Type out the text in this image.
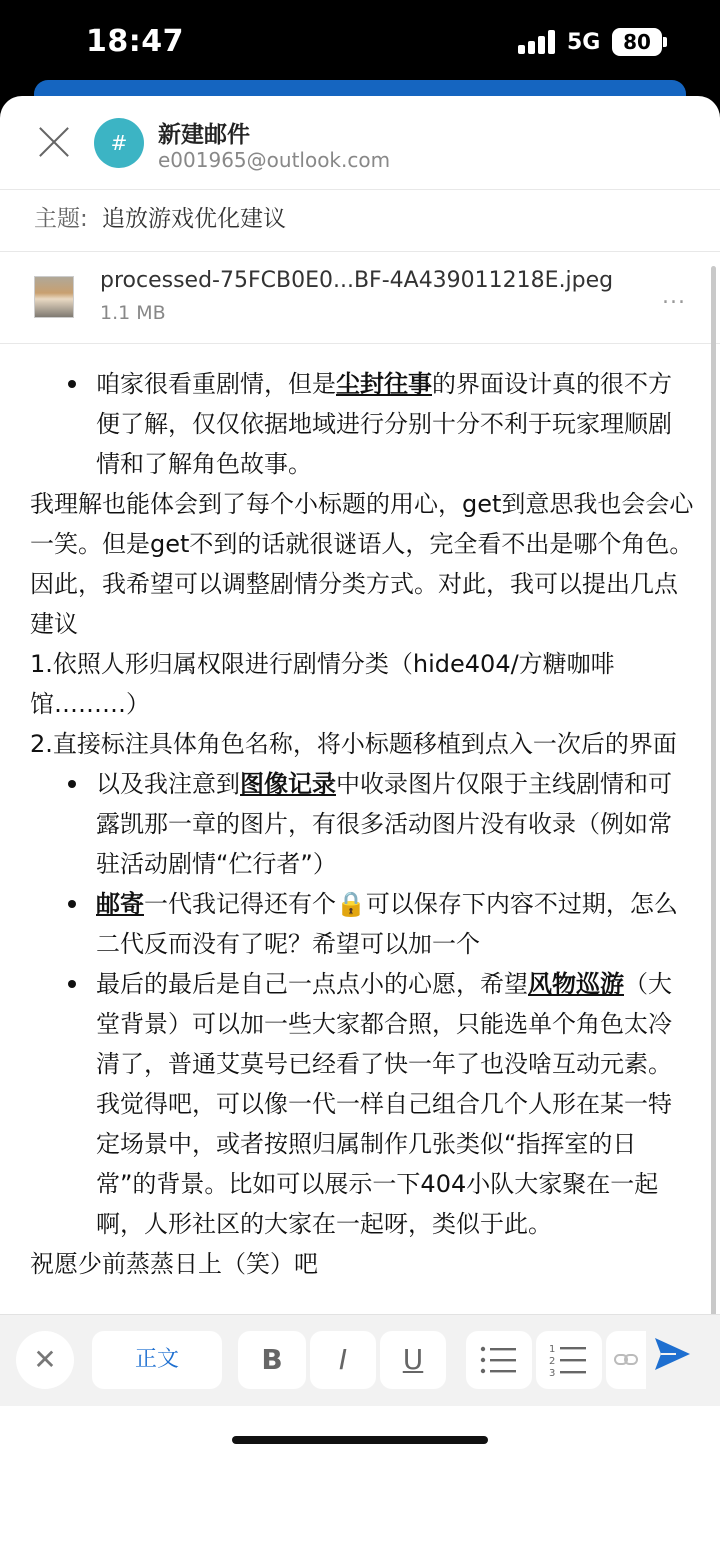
18:47	5G	80
#	新建邮件
e001965@outlook.com
主题: 追放游戏优化建议
processed-75FCB0E0...BF-4A439011218E.jpeg
1.1 MB
...
咱家很看重剧情，但是尘封往事的界面设计真的很不方便了解，仅仅依据地域进行分别十分不利于玩家理顺剧情和了解角色故事。

我理解也能体会到了每个小标题的用心，get到意思我也会会心一笑。但是get不到的话就很谜语人，完全看不出是哪个角色。

因此，我希望可以调整剧情分类方式。对此，我可以提出几点建议

1.依照人形归属权限进行剧情分类（hide404/方糖咖啡馆………）

2.直接标注具体角色名称，将小标题移植到点入一次后的界面

以及我注意到图像记录中收录图片仅限于主线剧情和可露凯那一章的图片，有很多活动图片没有收录（例如常驻活动剧情“伫行者”）
邮寄一代我记得还有个🔒可以保存下内容不过期，怎么二代反而没有了呢？希望可以加一个
最后的最后是自己一点点小的心愿，希望风物巡游（大堂背景）可以加一些大家都合照，只能选单个角色太冷清了，普通艾莫号已经看了快一年了也没啥互动元素。我觉得吧，可以像一代一样自己组合几个人形在某一特定场景中，或者按照归属制作几张类似“指挥室的日常”的背景。比如可以展示一下404小队大家聚在一起啊，人形社区的大家在一起呀，类似于此。

祝愿少前蒸蒸日上（笑）吧

✕	正文	B	I	U	1
2
3
